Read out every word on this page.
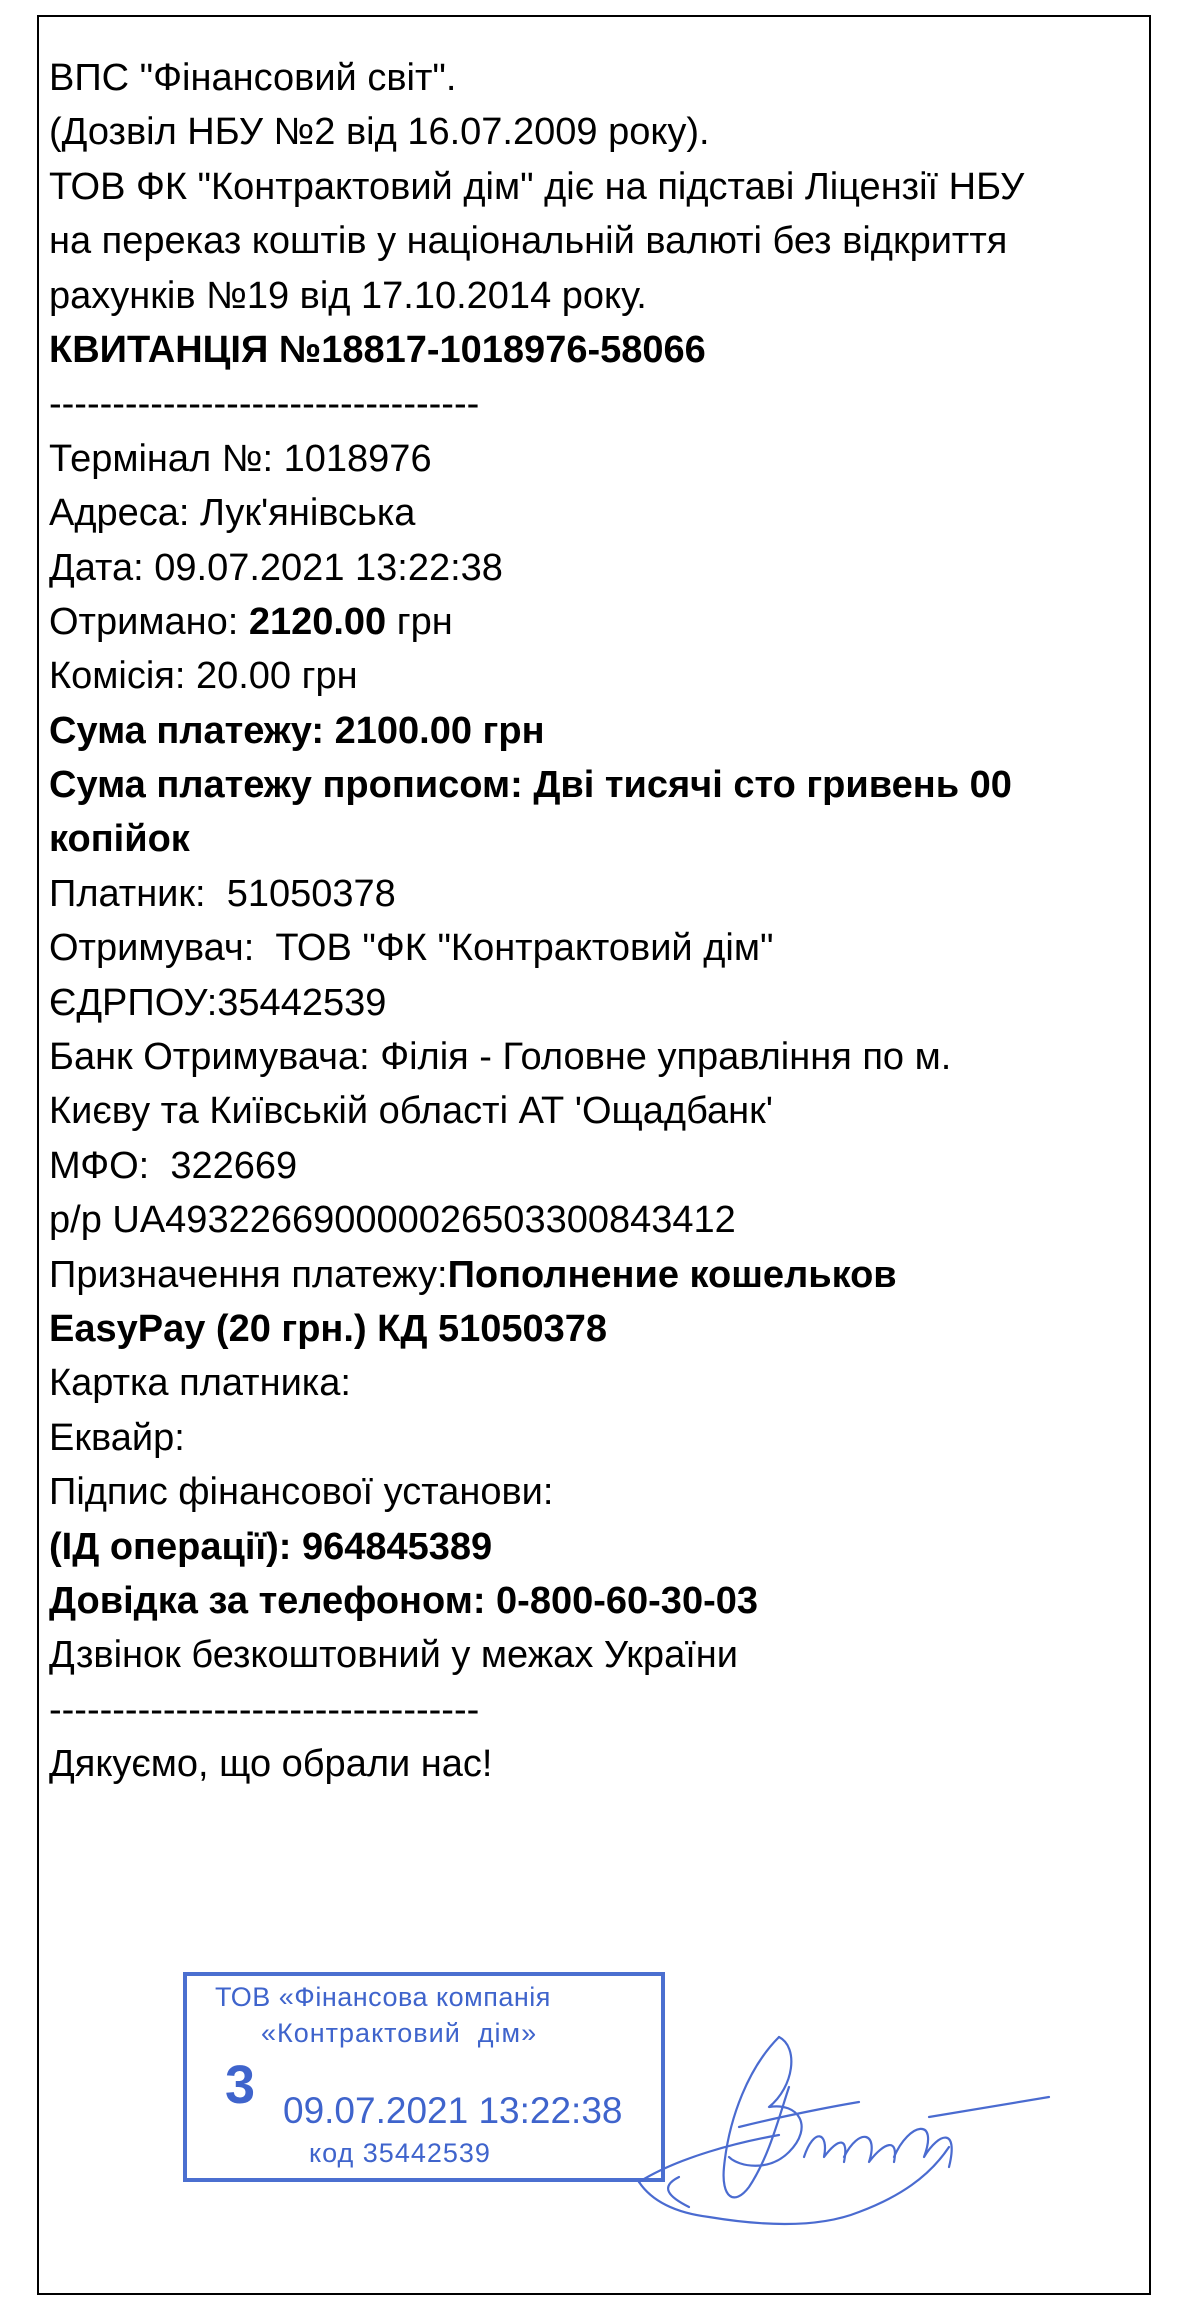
ВПС "Фінансовий світ".
(Дозвіл НБУ №2 від 16.07.2009 року).
ТОВ ФК "Контрактовий дім" діє на підставі Ліцензії НБУ
на переказ коштів у національній валюті без відкриття
рахунків №19 від 17.10.2014 року.
КВИТАНЦІЯ №18817-1018976-58066
----------------------------------
Термінал №: 1018976
Адреса: Лук'янівська
Дата: 09.07.2021 13:22:38
Отримано: 2120.00 грн
Комісія: 20.00 грн
Сума платежу: 2100.00 грн
Сума платежу прописом: Дві тисячі сто гривень 00
копійок
Платник:  51050378
Отримувач:  ТОВ "ФК "Контрактовий дім"
ЄДРПОУ:35442539
Банк Отримувача: Філія - Головне управління по м.
Києву та Київській області АТ 'Ощадбанк'
МФО:  322669
р/р UA493226690000026503300843412
Призначення платежу:Пополнение кошельков
EasyPay (20 грн.) КД 51050378
Картка платника:
Еквайр:
Підпис фінансової установи:
(ІД операції): 964845389
Довідка за телефоном: 0-800-60-30-03
Дзвінок безкоштовний у межах України
----------------------------------
Дякуємо, що обрали нас!
ТОВ «Фінансова компанія
«Контрактовий  дім»
3 09.07.2021 13:22:38
код 35442539
